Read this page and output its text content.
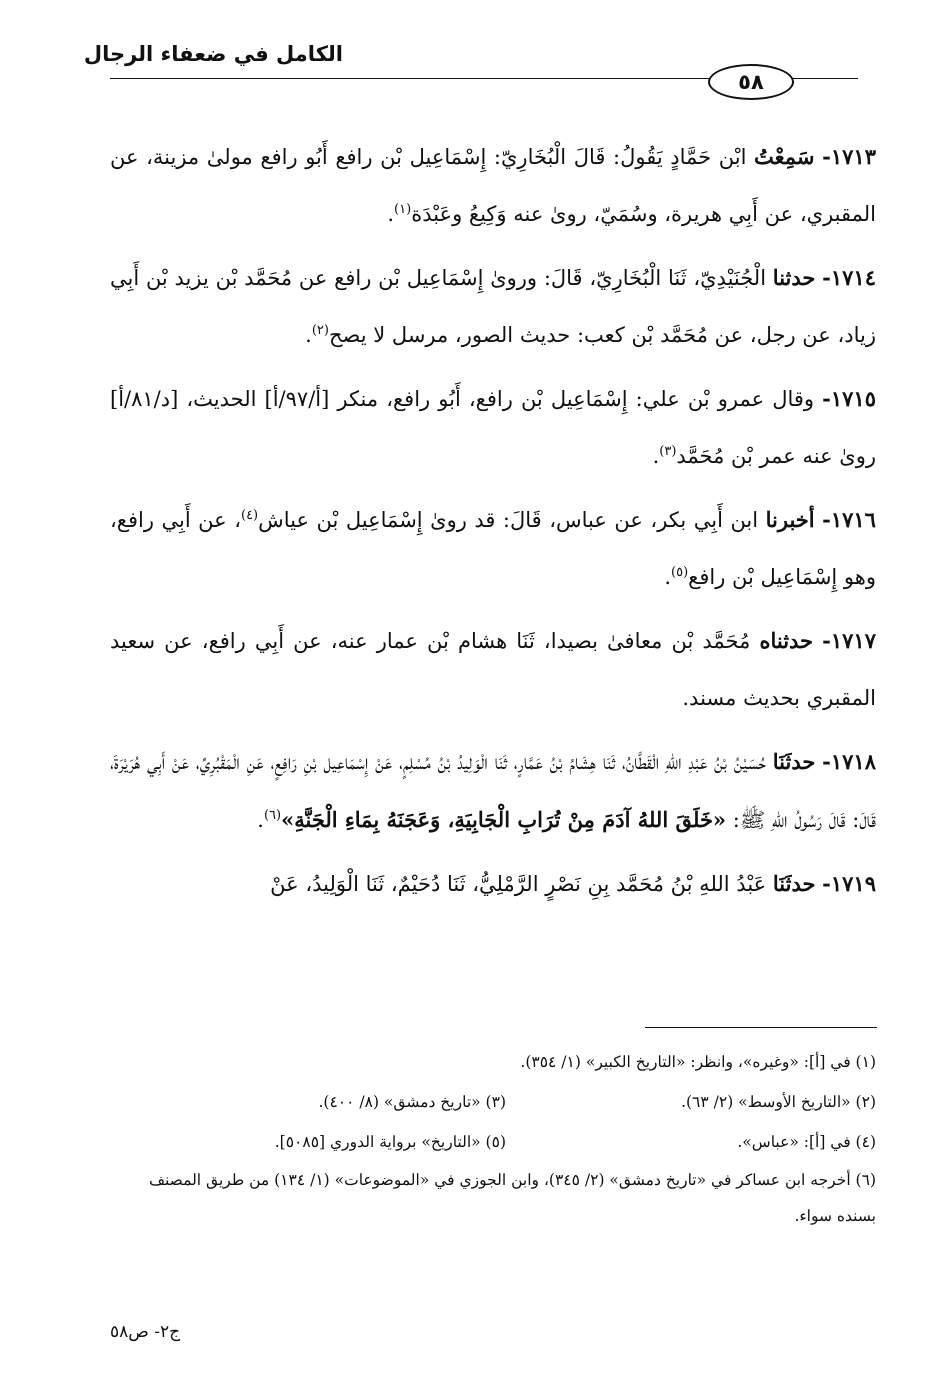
الكامل في ضعفاء الرجال
٥٨

١٧١٣- سَمِعْتُ ابْن حَمَّادٍ يَقُولُ: قَالَ الْبُخَارِيّ: إِسْمَاعِيل بْن رافع أَبُو رافع مولىٰ مزينة، عن المقبري، عن أَبِي هريرة، وسُمَيّ، روىٰ عنه وَكِيعُ وعَبْدَة$^{(١)}$.

١٧١٤- حدثنا الْجُنَيْدِيّ، ثَنَا الْبُخَارِيّ، قَالَ: وروىٰ إِسْمَاعِيل بْن رافع عن مُحَمَّد بْن يزيد بْن أَبِي زياد، عن رجل، عن مُحَمَّد بْن كعب: حديث الصور، مرسل لا يصح$^{(٢)}$.

١٧١٥- وقال عمرو بْن علي: إِسْمَاعِيل بْن رافع، أَبُو رافع، منكر [أ/٩٧/أ] الحديث، [د/٨١/أ] روىٰ عنه عمر بْن مُحَمَّد$^{(٣)}$.

١٧١٦- أخبرنا ابن أَبِي بكر، عن عباس، قَالَ: قد روىٰ إِسْمَاعِيل بْن عياش$^{(٤)}$، عن أَبِي رافع، وهو إِسْمَاعِيل بْن رافع$^{(٥)}$.

١٧١٧- حدثناه مُحَمَّد بْن معافىٰ بصيدا، ثَنَا هشام بْن عمار عنه، عن أَبِي رافع، عن سعيد المقبري بحديث مسند.

١٧١٨- حدثَنَا حُسَيْنُ بْنُ عَبْدِ اللهِ الْقَطَّانُ، ثَنَا هِشَامُ بْنُ عَمَّارٍ، ثَنَا الْوَلِيدُ بْنُ مُسْلِمٍ، عَنْ إِسْمَاعِيل بْنِ رَافِعٍ، عَنِ الْمَقْبُرِيِّ، عَنْ أَبِي هُرَيْرَةَ، قَالَ: قَالَ رَسُولُ اللهِ ﷺ: «خَلَقَ اللهُ آدَمَ مِنْ تُرَابِ الْجَابِيَةِ، وَعَجَنَهُ بِمَاءِ الْجَنَّةِ»$^{(٦)}$.

١٧١٩- حدثَنَا عَبْدُ اللهِ بْنُ مُحَمَّد بِنِ نَصْرٍ الرَّمْلِيُّ، ثَنَا دُحَيْمٌ، ثَنَا الْوَلِيدُ، عَنْ

(١) في [أ]: «وغيره»، وانظر: «التاريخ الكبير» (١/ ٣٥٤).
(٢) «التاريخ الأوسط» (٢/ ٦٣).(٣) «تاريخ دمشق» (٨/ ٤٠٠).
(٤) في [أ]: «عباس».(٥) «التاريخ» برواية الدوري [٥٠٨٥].
(٦) أخرجه ابن عساكر في «تاريخ دمشق» (٢/ ٣٤٥)، وابن الجوزي في «الموضوعات» (١/ ١٣٤) من طريق المصنف بسنده سواء.
ج٢- ص٥٨
